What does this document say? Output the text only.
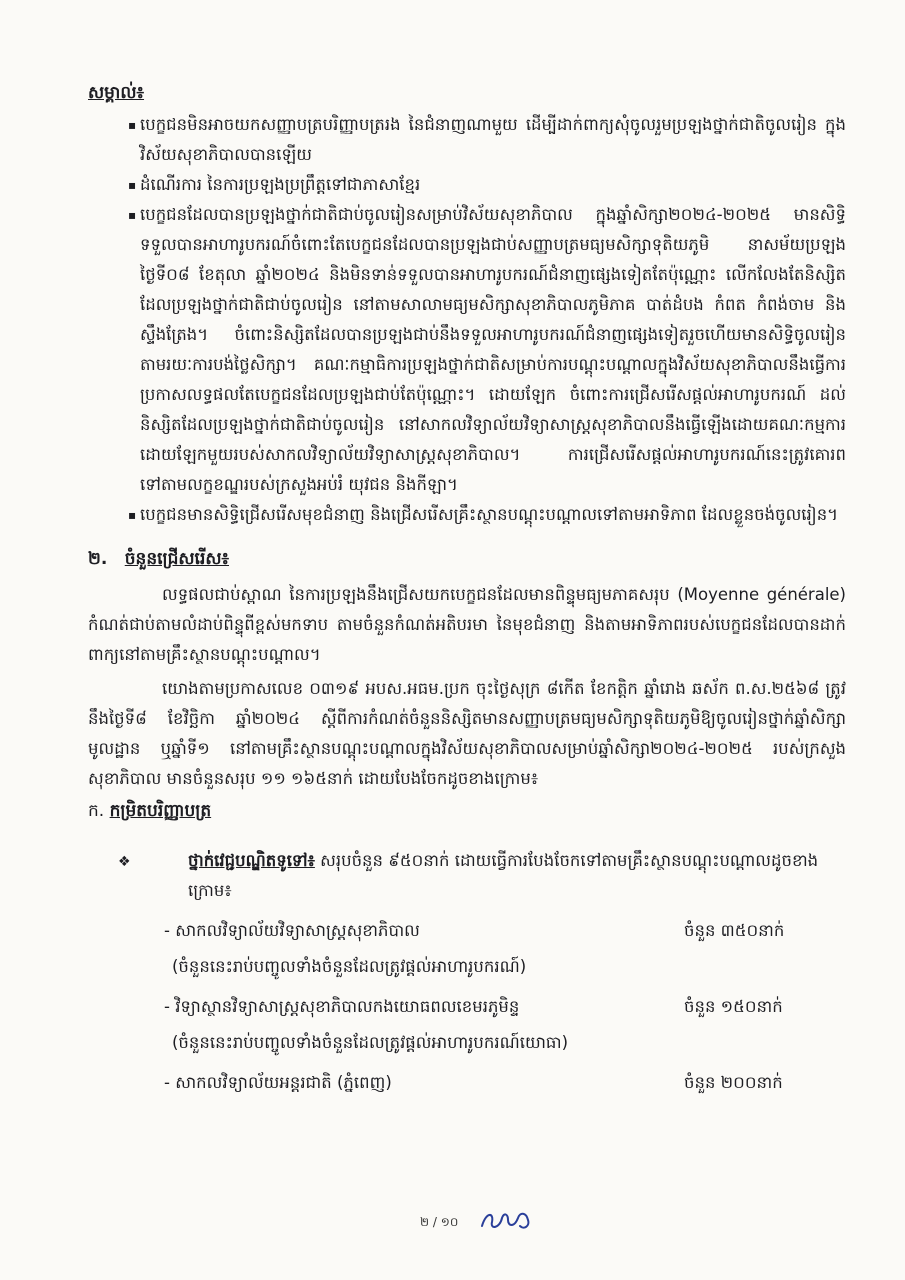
សម្គាល់៖
▪ បេក្ខជនមិនអាចយកសញ្ញាបត្របរិញ្ញាបត្ររង នៃជំនាញណាមួយ ដើម្បីដាក់ពាក្យសុំចូលរួមប្រឡងថ្នាក់ជាតិចូលរៀន ក្នុងវិស័យសុខាភិបាលបានឡើយ
▪ ដំណើរការ នៃការប្រឡងប្រព្រឹត្តទៅជាភាសាខ្មែរ
▪ បេក្ខជនដែលបានប្រឡងថ្នាក់ជាតិជាប់ចូលរៀនសម្រាប់វិស័យសុខាភិបាល ក្នុងឆ្នាំសិក្សា២០២៤-២០២៥ មានសិទ្ធិទទួលបានអាហារូបករណ៍ចំពោះតែបេក្ខជនដែលបានប្រឡងជាប់សញ្ញាបត្រមធ្យមសិក្សាទុតិយភូមិ នាសម័យប្រឡងថ្ងៃទី០៨ ខែតុលា ឆ្នាំ២០២៤ និងមិនទាន់ទទួលបានអាហារូបករណ៍ជំនាញផ្សេងទៀតតែប៉ុណ្ណោះ លើកលែងតែនិស្សិតដែលប្រឡងថ្នាក់ជាតិជាប់ចូលរៀន នៅតាមសាលាមធ្យមសិក្សាសុខាភិបាលភូមិភាគ បាត់ដំបង កំពត កំពង់ចាម និងស្ទឹងត្រែង។ ចំពោះនិស្សិតដែលបានប្រឡងជាប់នឹងទទួលអាហារូបករណ៍ជំនាញផ្សេងទៀតរួចហើយមានសិទ្ធិចូលរៀនតាមរយៈការបង់ថ្លៃសិក្សា។ គណៈកម្មាធិការប្រឡងថ្នាក់ជាតិសម្រាប់ការបណ្តុះបណ្តាលក្នុងវិស័យសុខាភិបាលនឹងធ្វើការប្រកាសលទ្ធផលតែបេក្ខជនដែលប្រឡងជាប់តែប៉ុណ្ណោះ។ ដោយឡែក ចំពោះការជ្រើសរើសផ្តល់អាហារូបករណ៍ ដល់និស្សិតដែលប្រឡងថ្នាក់ជាតិជាប់ចូលរៀន នៅសាកលវិទ្យាល័យវិទ្យាសាស្ត្រសុខាភិបាលនឹងធ្វើឡើងដោយគណៈកម្មការដោយឡែកមួយរបស់សាកលវិទ្យាល័យវិទ្យាសាស្ត្រសុខាភិបាល។ ការជ្រើសរើសផ្តល់អាហារូបករណ៍នេះត្រូវគោរពទៅតាមលក្ខខណ្ឌរបស់ក្រសួងអប់រំ យុវជន និងកីឡា។
▪ បេក្ខជនមានសិទ្ធិជ្រើសរើសមុខជំនាញ និងជ្រើសរើសគ្រឹះស្ថានបណ្តុះបណ្តាលទៅតាមអាទិភាព ដែលខ្លួនចង់ចូលរៀន។
២. ចំនួនជ្រើសរើស៖

លទ្ធផលជាប់ស្ពាណ នៃការប្រឡងនឹងជ្រើសយកបេក្ខជនដែលមានពិន្ទុមធ្យមភាគសរុប (Moyenne générale) កំណត់ជាប់តាមលំដាប់ពិន្ទុពីខ្ពស់មកទាប តាមចំនួនកំណត់អតិបរមា នៃមុខជំនាញ និងតាមអាទិភាពរបស់បេក្ខជនដែលបានដាក់ពាក្យនៅតាមគ្រឹះស្ថានបណ្តុះបណ្តាល។

យោងតាមប្រកាសលេខ ០៣១៩ អបស.អធម.ប្រក ចុះថ្ងៃសុក្រ ៨កើត ខែកត្តិក ឆ្នាំរោង ឆស័ក ព.ស.២៥៦៨ ត្រូវនឹងថ្ងៃទី៨ ខែវិច្ឆិកា ឆ្នាំ២០២៤ ស្តីពីការកំណត់ចំនួននិស្សិតមានសញ្ញាបត្រមធ្យមសិក្សាទុតិយភូមិឱ្យចូលរៀនថ្នាក់ឆ្នាំសិក្សាមូលដ្ឋាន ឬឆ្នាំទី១ នៅតាមគ្រឹះស្ថានបណ្តុះបណ្តាលក្នុងវិស័យសុខាភិបាលសម្រាប់ឆ្នាំសិក្សា២០២៤-២០២៥ របស់ក្រសួងសុខាភិបាល មានចំនួនសរុប ១១ ១៦៥នាក់ ដោយបែងចែកដូចខាងក្រោម៖

ក. កម្រិតបរិញ្ញាបត្រ
❖	ថ្នាក់វេជ្ជបណ្ឌិតទូទៅ៖ សរុបចំនួន ៩៥០នាក់ ដោយធ្វើការបែងចែកទៅតាមគ្រឹះស្ថានបណ្តុះបណ្តាលដូចខាងក្រោម៖
- សាកលវិទ្យាល័យវិទ្យាសាស្ត្រសុខាភិបាល	ចំនួន ៣៥០នាក់
(ចំនួននេះរាប់បញ្ចូលទាំងចំនួនដែលត្រូវផ្តល់អាហារូបករណ៍)
- វិទ្យាស្ថានវិទ្យាសាស្ត្រសុខាភិបាលកងយោធពលខេមរភូមិន្ទ	ចំនួន ១៥០នាក់
(ចំនួននេះរាប់បញ្ចូលទាំងចំនួនដែលត្រូវផ្តល់អាហារូបករណ៍យោធា)
- សាកលវិទ្យាល័យអន្តរជាតិ (ភ្នំពេញ)	ចំនួន ២០០នាក់
២ / ១០
